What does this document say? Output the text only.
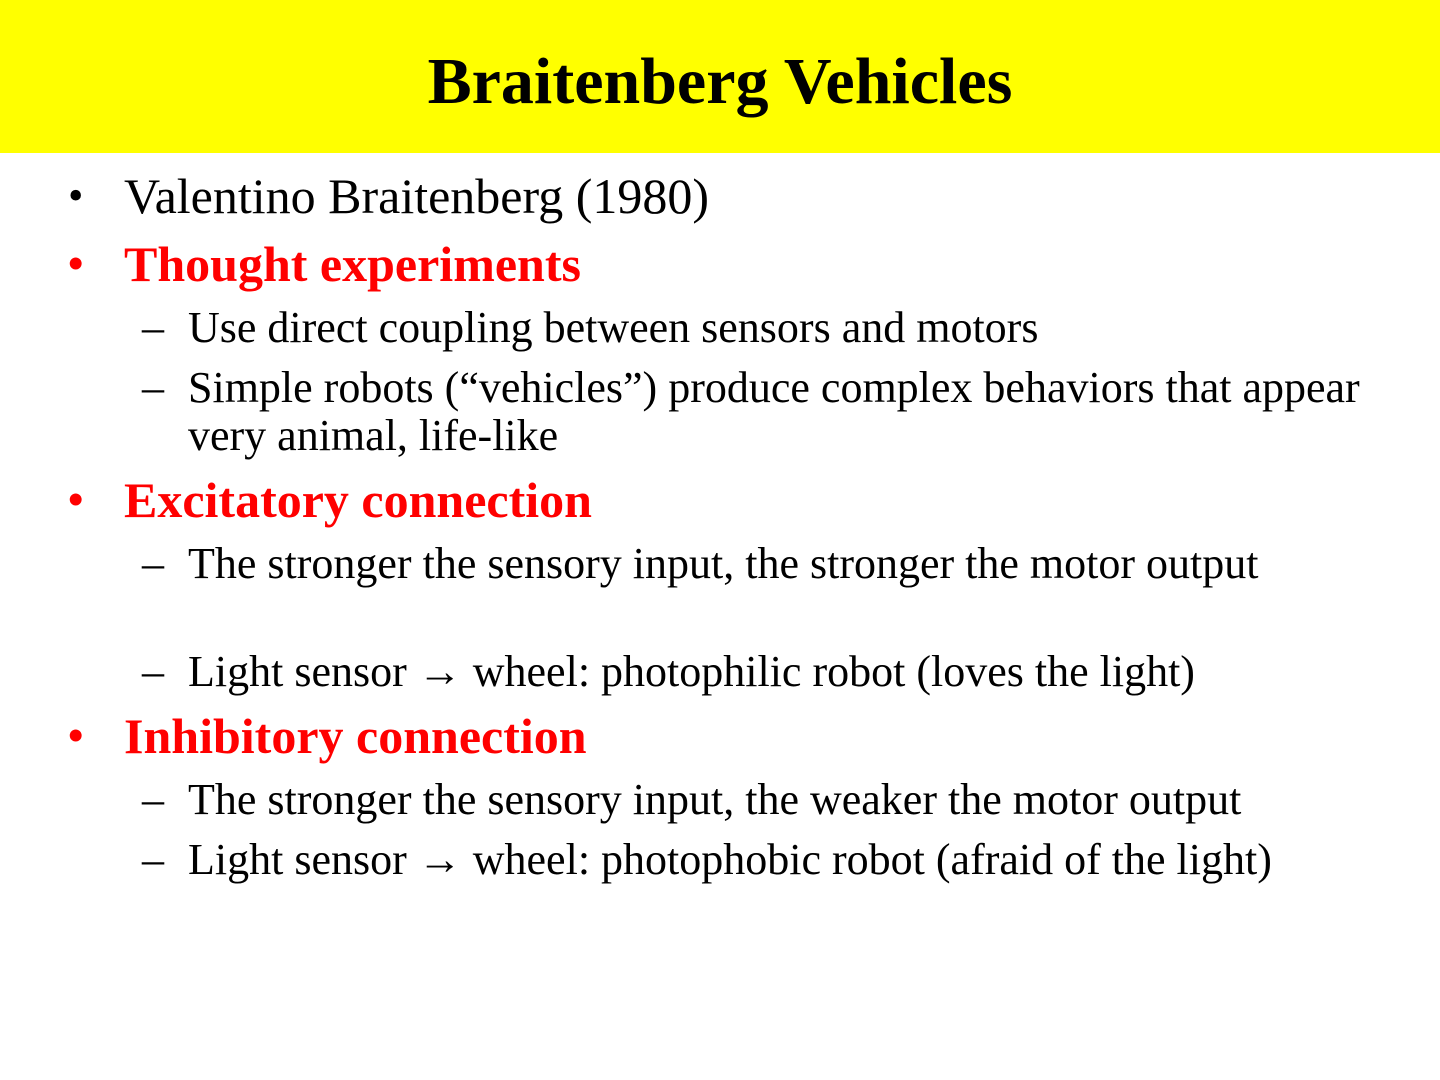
Braitenberg Vehicles

• Valentino Braitenberg (1980)

• Thought experiments

– Use direct coupling between sensors and motors

– Simple robots (“vehicles”) produce complex behaviors that appear very animal, life-like

• Excitatory connection

– The stronger the sensory input, the stronger the motor output

– Light sensor → wheel: photophilic robot (loves the light)

• Inhibitory connection

– The stronger the sensory input, the weaker the motor output

– Light sensor → wheel: photophobic robot (afraid of the light)
